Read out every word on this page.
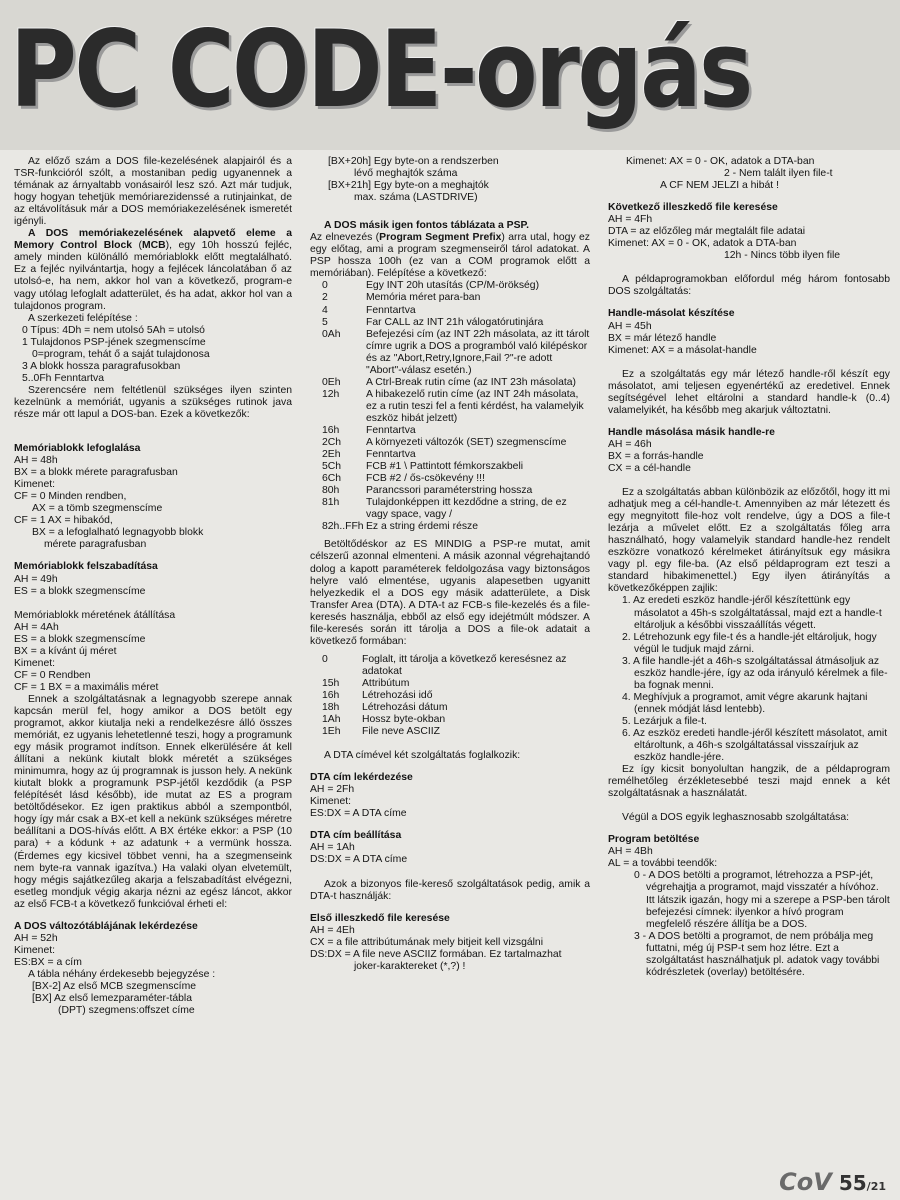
PC CODE-orgás

Az előző szám a DOS file-kezelésének alapjairól és a TSR-funkcióról szólt, a mostaniban pedig ugyanennek a témának az árnyaltabb vonásairól lesz szó. Azt már tudjuk, hogy hogyan tehetjük memóriarezidenssé a rutinjainkat, de az eltávolításuk már a DOS memóriakezelésének ismeretét igényli.

A DOS memóriakezelésének alapvető eleme a Memory Control Block (MCB), egy 10h hosszú fejléc, amely minden különálló memóriablokk előtt megtalálható. Ez a fejléc nyilvántartja, hogy a fejlécek láncolatában ő az utolsó-e, ha nem, akkor hol van a következő, program-e vagy utólag lefoglalt adatterület, és ha adat, akkor hol van a tulajdonos program.

A szerkezeti felépítése :

0 Típus: 4Dh = nem utolsó 5Ah = utolsó

1 Tulajdonos PSP-jének szegmenscíme

0=program, tehát ő a saját tulajdonosa

3 A blokk hossza paragrafusokban

5..0Fh Fenntartva

Szerencsére nem feltétlenül szükséges ilyen szinten kezelnünk a memóriát, ugyanis a szükséges rutinok java része már ott lapul a DOS-ban. Ezek a következők:

Memóriablokk lefoglalása

AH = 48h

BX = a blokk mérete paragrafusban

Kimenet:

CF = 0 Minden rendben,

AX = a tömb szegmenscíme

CF = 1 AX = hibakód,

BX = a lefoglalható legnagyobb blokk

mérete paragrafusban

Memóriablokk felszabadítása

AH = 49h

ES = a blokk szegmenscíme

Memóriablokk méretének átállítása

AH = 4Ah

ES = a blokk szegmenscíme

BX = a kívánt új méret

Kimenet:

CF = 0 Rendben

CF = 1 BX = a maximális méret

Ennek a szolgáltatásnak a legnagyobb szerepe annak kapcsán merül fel, hogy amikor a DOS betölt egy programot, akkor kiutalja neki a rendelkezésre álló összes memóriát, ez ugyanis lehetetlenné teszi, hogy a programunk egy másik programot indítson. Ennek elkerülésére át kell állítani a nekünk kiutalt blokk méretét a szükséges minimumra, hogy az új programnak is jusson hely. A nekünk kiutalt blokk a programunk PSP-jétől kezdődik (a PSP felépítését lásd később), ide mutat az ES a program betöltődésekor. Ez igen praktikus abból a szempontból, hogy így már csak a BX-et kell a nekünk szükséges méretre beállítani a DOS-hívás előtt. A BX értéke ekkor: a PSP (10 para) + a kódunk + az adatunk + a vermünk hossza. (Érdemes egy kicsivel többet venni, ha a szegmenseink nem byte-ra vannak igazítva.) Ha valaki olyan elvetemült, hogy mégis sajátkezűleg akarja a felszabadítást elvégezni, esetleg mondjuk végig akarja nézni az egész láncot, akkor az első FCB-t a következő funkcióval érheti el:

A DOS változótáblájának lekérdezése

AH = 52h

Kimenet:

ES:BX = a cím

A tábla néhány érdekesebb bejegyzése :

[BX-2] Az első MCB szegmenscíme

[BX] Az első lemezparaméter-tábla

(DPT) szegmens:offszet címe

[BX+20h] Egy byte-on a rendszerben

lévő meghajtók száma

[BX+21h] Egy byte-on a meghajtók

max. száma (LASTDRIVE)

A DOS másik igen fontos táblázata a PSP.

Az elnevezés (Program Segment Prefix) arra utal, hogy ez egy előtag, ami a program szegmenseiről tárol adatokat. A PSP hossza 100h (ez van a COM programok előtt a memóriában). Felépítése a következő:

0	Egy INT 20h utasítás (CP/M-örökség)
2	Memória méret para-ban
4	Fenntartva
5	Far CALL az INT 21h válogatórutinjára
0Ah	Befejezési cím (az INT 22h másolata, az itt tárolt címre ugrik a DOS a programból való kilépéskor és az "Abort,Retry,Ignore,Fail ?"-re adott "Abort"-válasz esetén.)
0Eh	A Ctrl-Break rutin címe (az INT 23h másolata)
12h	A hibakezelő rutin címe (az INT 24h másolata, ez a rutin teszi fel a fenti kérdést, ha valamelyik eszköz hibát jelzett)
16h	Fenntartva
2Ch	A környezeti változók (SET) szegmenscíme
2Eh	Fenntartva
5Ch	FCB #1 \ Pattintott fémkorszakbeli
6Ch	FCB #2 / ős-csökevény !!!
80h	Parancssori paraméterstring hossza
81h	Tulajdonképpen itt kezdődne a string, de ez vagy space, vagy /
82h..FFh Ez a string érdemi része

Betöltődéskor az ES MINDIG a PSP-re mutat, amit célszerű azonnal elmenteni. A másik azonnal végrehajtandó dolog a kapott paraméterek feldolgozása vagy biztonságos helyre való elmentése, ugyanis alapesetben ugyanitt helyezkedik el a DOS egy másik adatterülete, a Disk Transfer Area (DTA). A DTA-t az FCB-s file-kezelés és a file-keresés használja, ebből az első egy idejétmúlt módszer. A file-keresés során itt tárolja a DOS a file-ok adatait a következő formában:

0	Foglalt, itt tárolja a következő keresésnez az adatokat
15h	Attribútum
16h	Létrehozási idő
18h	Létrehozási dátum
1Ah	Hossz byte-okban
1Eh	File neve ASCIIZ

A DTA címével két szolgáltatás foglalkozik:

DTA cím lekérdezése

AH = 2Fh

Kimenet:

ES:DX = A DTA címe

DTA cím beállítása

AH = 1Ah

DS:DX = A DTA címe

Azok a bizonyos file-kereső szolgáltatások pedig, amik a DTA-t használják:

Első illeszkedő file keresése

AH = 4Eh

CX = a file attribútumának mely bitjeit kell vizsgálni

DS:DX = A file neve ASCIIZ formában. Ez tartalmazhat joker-karaktereket (*,?) !

Kimenet: AX = 0 - OK, adatok a DTA-ban

2 - Nem talált ilyen file-t

A CF NEM JELZI a hibát !

Következő illeszkedő file keresése

AH = 4Fh

DTA = az előzőleg már megtalált file adatai

Kimenet: AX = 0 - OK, adatok a DTA-ban

12h - Nincs több ilyen file

A példaprogramokban előfordul még három fontosabb DOS szolgáltatás:

Handle-másolat készítése

AH = 45h

BX = már létező handle

Kimenet: AX = a másolat-handle

Ez a szolgáltatás egy már létező handle-ről készít egy másolatot, ami teljesen egyenértékű az eredetivel. Ennek segítségével lehet eltárolni a standard handle-k (0..4) valamelyikét, ha később meg akarjuk változtatni.

Handle másolása másik handle-re

AH = 46h

BX = a forrás-handle

CX = a cél-handle

Ez a szolgáltatás abban különbözik az előzőtől, hogy itt mi adhatjuk meg a cél-handle-t. Amennyiben az már létezett és egy megnyitott file-hoz volt rendelve, úgy a DOS a file-t lezárja a művelet előtt. Ez a szolgáltatás főleg arra használható, hogy valamelyik standard handle-hez rendelt eszközre vonatkozó kérelmeket átirányítsuk egy másikra vagy pl. egy file-ba. (Az első példaprogram ezt teszi a standard hibakimenettel.) Egy ilyen átirányítás a következőképpen zajlik:

1. Az eredeti eszköz handle-jéről készítettünk egy másolatot a 45h-s szolgáltatással, majd ezt a handle-t eltároljuk a későbbi visszaállítás végett.

2. Létrehozunk egy file-t és a handle-jét eltároljuk, hogy végül le tudjuk majd zárni.

3. A file handle-jét a 46h-s szolgáltatással átmásoljuk az eszköz handle-jére, így az oda irányuló kérelmek a file-ba fognak menni.

4. Meghívjuk a programot, amit végre akarunk hajtani (ennek módját lásd lentebb).

5. Lezárjuk a file-t.

6. Az eszköz eredeti handle-jéről készített másolatot, amit eltároltunk, a 46h-s szolgáltatással visszaírjuk az eszköz handle-jére.

Ez így kicsit bonyolultan hangzik, de a példaprogram remélhetőleg érzékletesebbé teszi majd ennek a két szolgáltatásnak a használatát.

Végül a DOS egyik leghasznosabb szolgáltatása:

Program betöltése

AH = 4Bh

AL = a további teendők:

0 - A DOS betölti a programot, létrehozza a PSP-jét, végrehajtja a programot, majd visszatér a hívóhoz. Itt látszik igazán, hogy mi a szerepe a PSP-ben tárolt befejezési címnek: ilyenkor a hívó program megfelelő részére állítja be a DOS.

3 - A DOS betölti a programot, de nem próbálja meg futtatni, még új PSP-t sem hoz létre. Ezt a szolgáltatást használhatjuk pl. adatok vagy további kódrészletek (overlay) betöltésére.

CoV 55/21
